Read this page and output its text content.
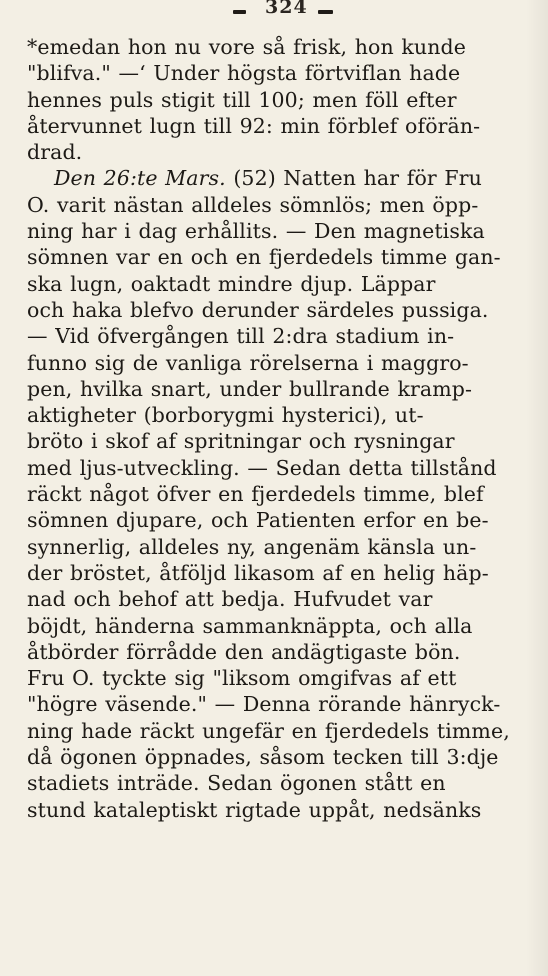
324
*emedan hon nu vore så frisk, hon kunde
"blifva." —‘ Under högsta förtviflan hade
hennes puls stigit till 100; men föll efter
återvunnet lugn till 92: min förblef oförän-
drad.
Den 26:te Mars. (52) Natten har för Fru
O. varit nästan alldeles sömnlös; men öpp-
ning har i dag erhållits. — Den magnetiska
sömnen var en och en fjerdedels timme gan-
ska lugn, oaktadt mindre djup. Läppar
och haka blefvo derunder särdeles pussiga.
— Vid öfvergången till 2:dra stadium in-
funno sig de vanliga rörelserna i maggro-
pen, hvilka snart, under bullrande kramp-
aktigheter (borborygmi hysterici), ut-
bröto i skof af spritningar och rysningar
med ljus-utveckling. — Sedan detta tillstånd
räckt något öfver en fjerdedels timme, blef
sömnen djupare, och Patienten erfor en be-
synnerlig, alldeles ny, angenäm känsla un-
der bröstet, åtföljd likasom af en helig häp-
nad och behof att bedja. Hufvudet var
böjdt, händerna sammanknäppta, och alla
åtbörder förrådde den andägtigaste bön.
Fru O. tyckte sig "liksom omgifvas af ett
"högre väsende." — Denna rörande hänryck-
ning hade räckt ungefär en fjerdedels timme,
då ögonen öppnades, såsom tecken till 3:dje
stadiets inträde. Sedan ögonen stått en
stund kataleptiskt rigtade uppåt, nedsänks
